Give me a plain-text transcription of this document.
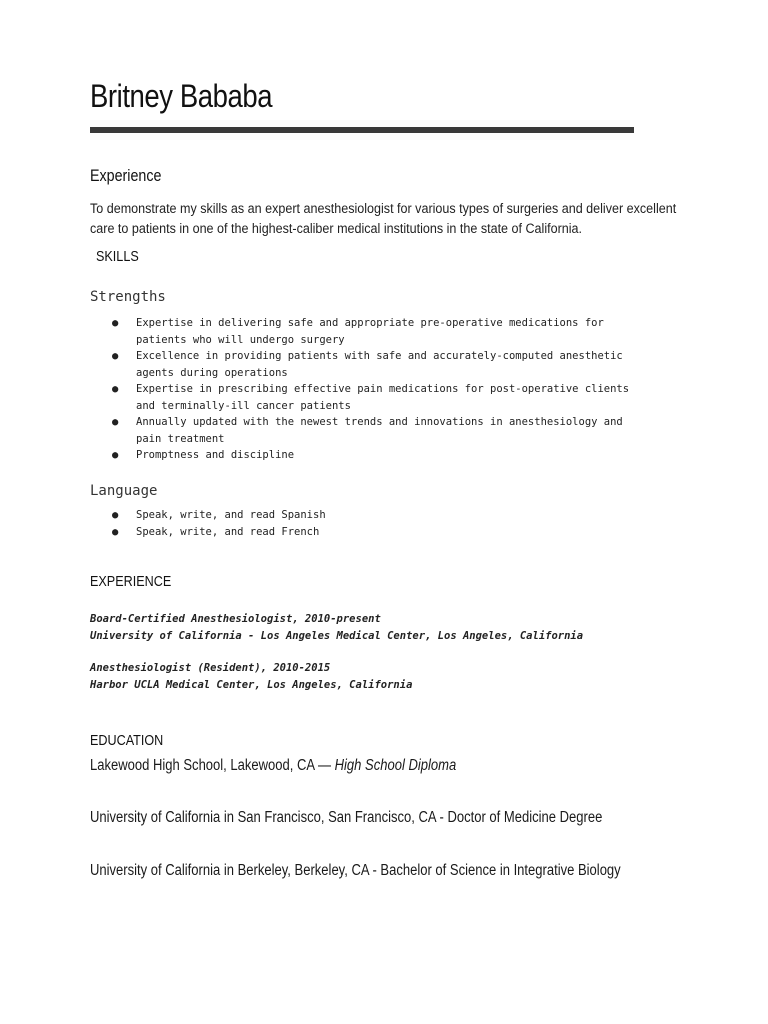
Britney Bababa
Experience
To demonstrate my skills as an expert anesthesiologist for various types of surgeries and deliver excellent
care to patients in one of the highest-caliber medical institutions in the state of California.
SKILLS
Strengths
● Expertise in delivering safe and appropriate pre-operative medications for
patients who will undergo surgery
● Excellence in providing patients with safe and accurately-computed anesthetic
agents during operations
● Expertise in prescribing effective pain medications for post-operative clients
and terminally-ill cancer patients
● Annually updated with the newest trends and innovations in anesthesiology and
pain treatment
● Promptness and discipline
Language
● Speak, write, and read Spanish
● Speak, write, and read French
EXPERIENCE
Board-Certified Anesthesiologist, 2010-present
University of California - Los Angeles Medical Center, Los Angeles, California
Anesthesiologist (Resident), 2010-2015
Harbor UCLA Medical Center, Los Angeles, California
EDUCATION
Lakewood High School, Lakewood, CA — High School Diploma
University of California in San Francisco, San Francisco, CA - Doctor of Medicine Degree
University of California in Berkeley, Berkeley, CA - Bachelor of Science in Integrative Biology
